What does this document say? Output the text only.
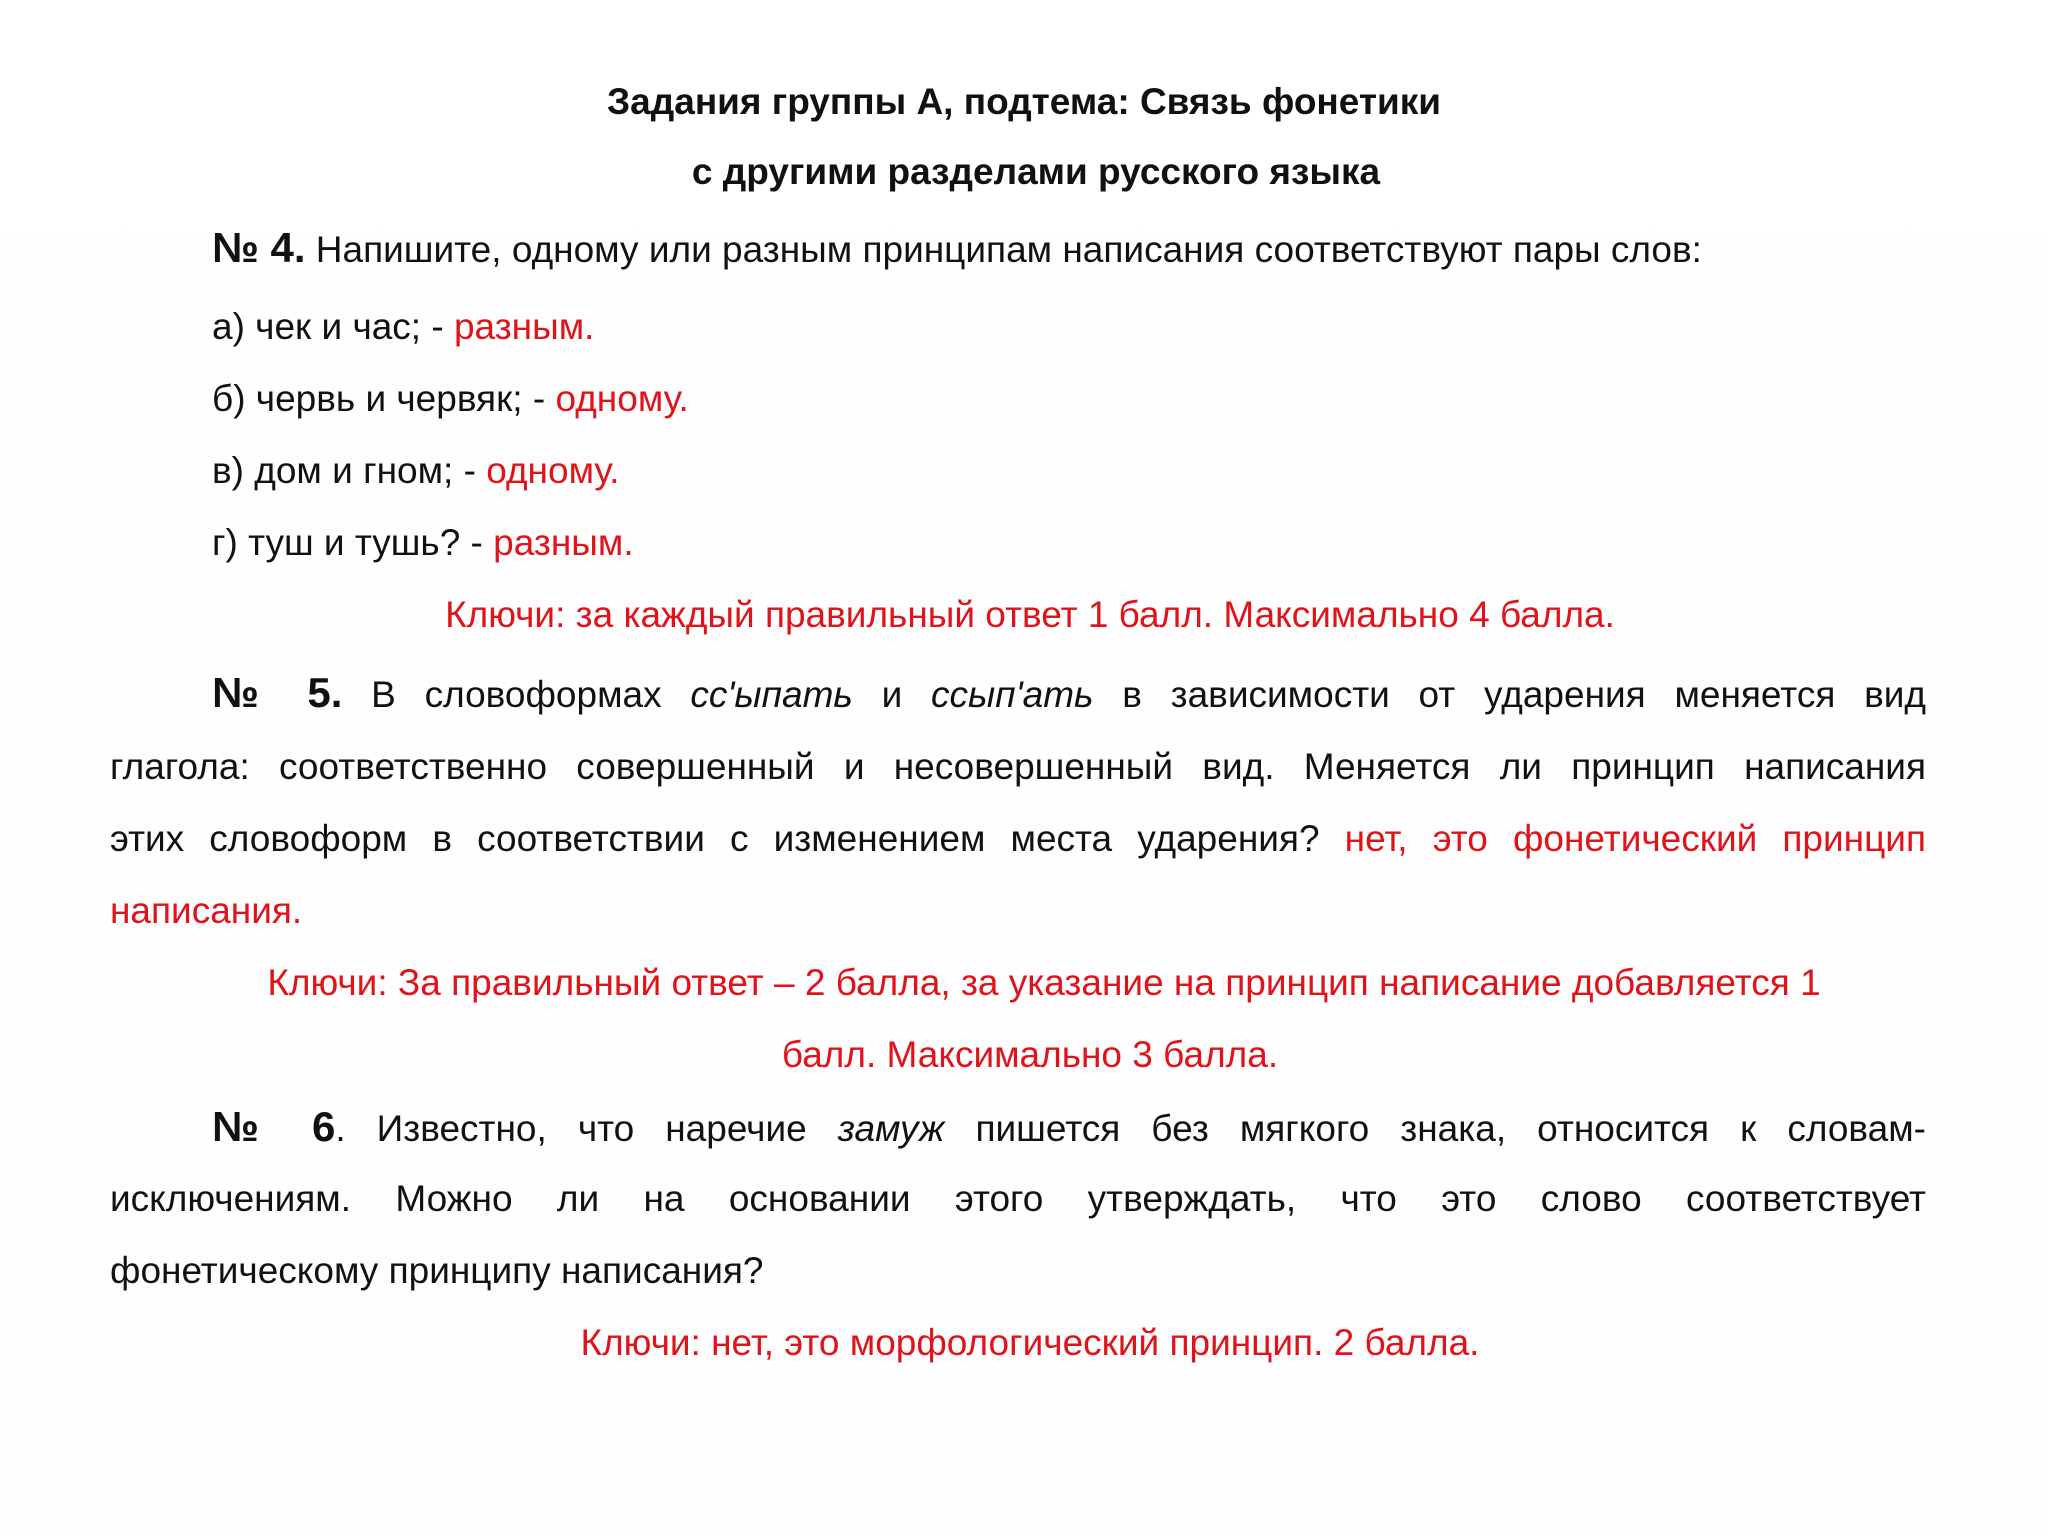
Задания группы А, подтема: Связь фонетики
с другими разделами русского языка
№ 4. Напишите, одному или разным принципам написания соответствуют пары слов:
а) чек и час; - разным.
б) червь и червяк; - одному.
в) дом и гном; - одному.
г) туш и тушь? - разным.
Ключи: за каждый правильный ответ 1 балл. Максимально 4 балла.
№ 5. В словоформах сс'ыпать и ссып'ать в зависимости от ударения меняется вид
глагола: соответственно совершенный и несовершенный вид. Меняется ли принцип написания
этих словоформ в соответствии с изменением места ударения? нет, это фонетический принцип
написания.
Ключи: За правильный ответ – 2 балла, за указание на принцип написание добавляется 1
балл. Максимально 3 балла.
№ 6. Известно, что наречие замуж пишется без мягкого знака, относится к словам-
исключениям. Можно ли на основании этого утверждать, что это слово соответствует
фонетическому принципу написания?
Ключи: нет, это морфологический принцип. 2 балла.
